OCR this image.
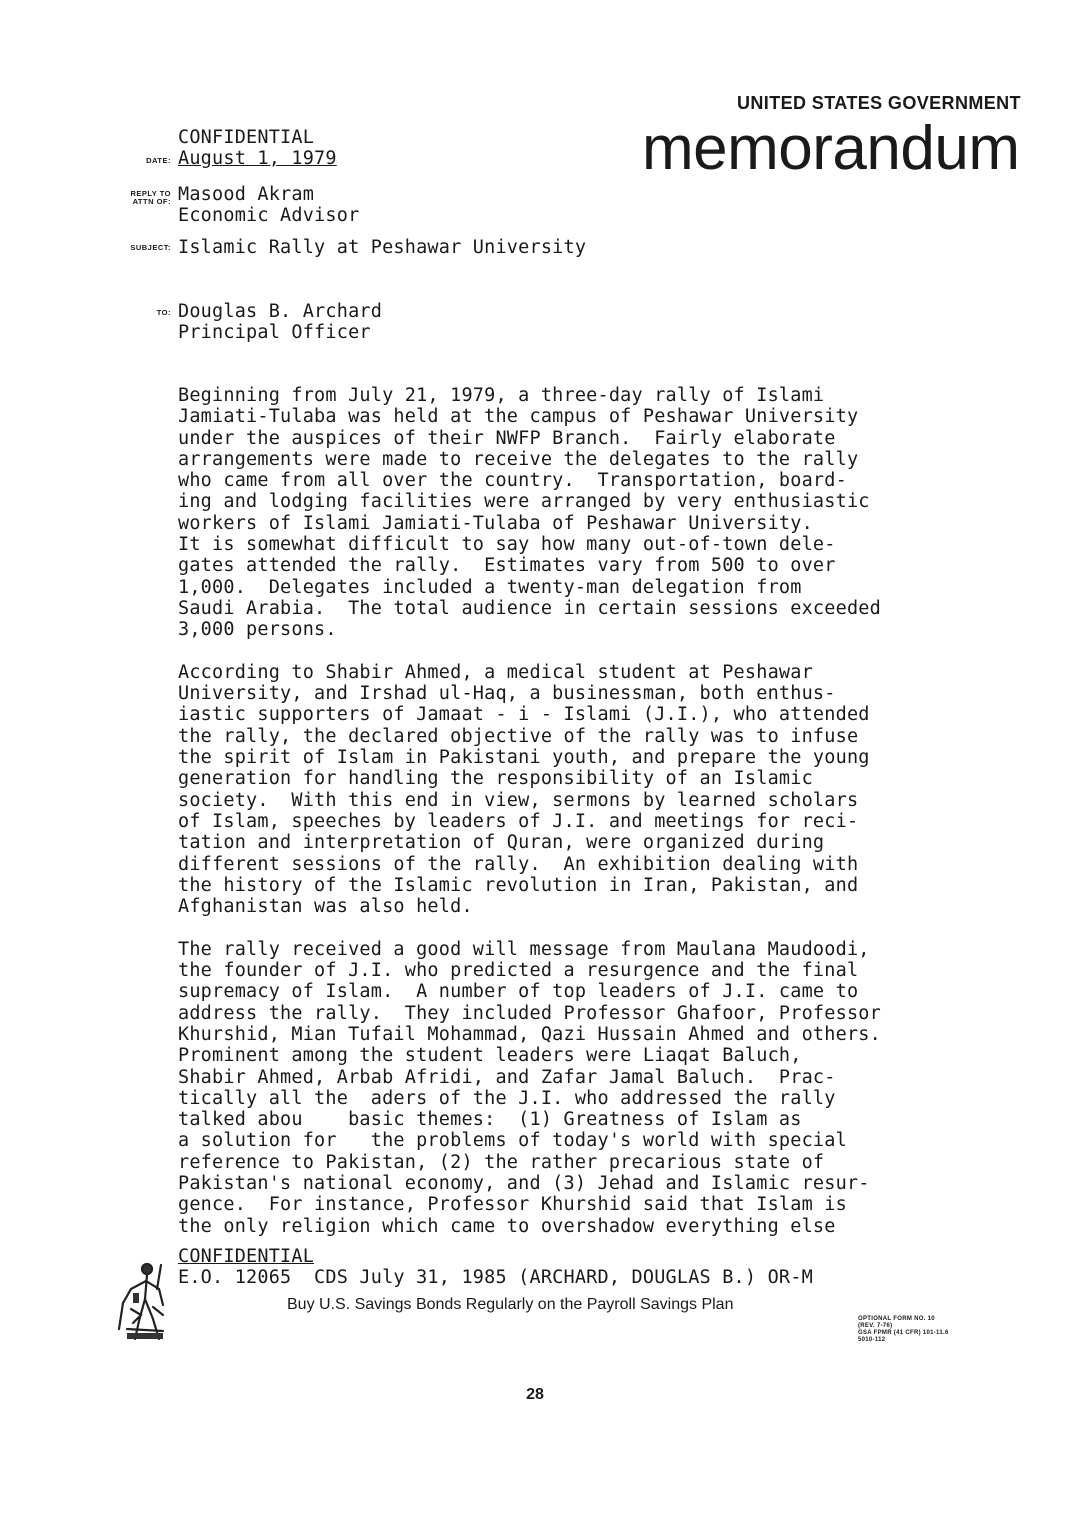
UNITED STATES GOVERNMENT
memorandum
CONFIDENTIAL
DATE: August 1, 1979
REPLY TO
ATTN OF: Masood Akram
Economic Advisor
SUBJECT: Islamic Rally at Peshawar University
TO: Douglas B. Archard
Principal Officer
Beginning from July 21, 1979, a three-day rally of Islami
Jamiati-Tulaba was held at the campus of Peshawar University
under the auspices of their NWFP Branch.  Fairly elaborate
arrangements were made to receive the delegates to the rally
who came from all over the country.  Transportation, board-
ing and lodging facilities were arranged by very enthusiastic
workers of Islami Jamiati-Tulaba of Peshawar University.
It is somewhat difficult to say how many out-of-town dele-
gates attended the rally.  Estimates vary from 500 to over
1,000.  Delegates included a twenty-man delegation from
Saudi Arabia.  The total audience in certain sessions exceeded
3,000 persons.
According to Shabir Ahmed, a medical student at Peshawar
University, and Irshad ul-Haq, a businessman, both enthus-
iastic supporters of Jamaat - i - Islami (J.I.), who attended
the rally, the declared objective of the rally was to infuse
the spirit of Islam in Pakistani youth, and prepare the young
generation for handling the responsibility of an Islamic
society.  With this end in view, sermons by learned scholars
of Islam, speeches by leaders of J.I. and meetings for reci-
tation and interpretation of Quran, were organized during
different sessions of the rally.  An exhibition dealing with
the history of the Islamic revolution in Iran, Pakistan, and
Afghanistan was also held.
The rally received a good will message from Maulana Maudoodi,
the founder of J.I. who predicted a resurgence and the final
supremacy of Islam.  A number of top leaders of J.I. came to
address the rally.  They included Professor Ghafoor, Professor
Khurshid, Mian Tufail Mohammad, Qazi Hussain Ahmed and others.
Prominent among the student leaders were Liaqat Baluch,
Shabir Ahmed, Arbab Afridi, and Zafar Jamal Baluch.  Prac-
tically all the  aders of the J.I. who addressed the rally
talked abou    basic themes:  (1) Greatness of Islam as
a solution for   the problems of today's world with special
reference to Pakistan, (2) the rather precarious state of
Pakistan's national economy, and (3) Jehad and Islamic resur-
gence.  For instance, Professor Khurshid said that Islam is
the only religion which came to overshadow everything else
CONFIDENTIAL
E.O. 12065  CDS July 31, 1985 (ARCHARD, DOUGLAS B.) OR-M
Buy U.S. Savings Bonds Regularly on the Payroll Savings Plan
OPTIONAL FORM NO. 10
(REV. 7-76)
GSA FPMR (41 CFR) 101-11.6
5010-112
28
